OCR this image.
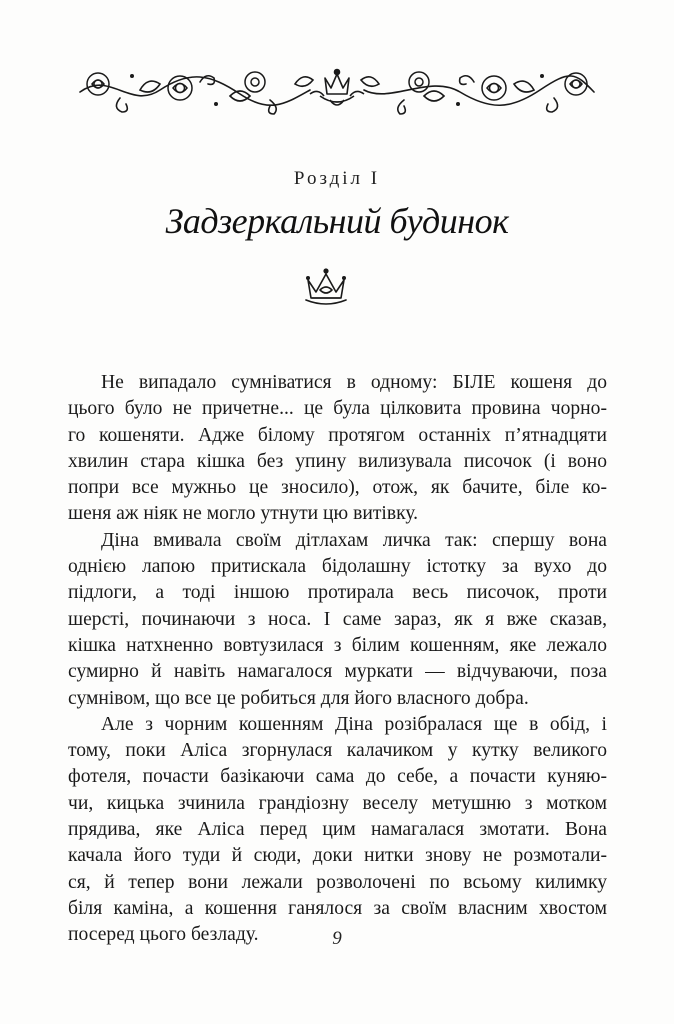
Розділ I
Задзеркальний будинок
Не випадало сумніватися в одному: БІЛЕ кошеня до
цього було не причетне... це була цілковита провина чорно-
го кошеняти. Адже білому протягом останніх п’ятнадцяти
хвилин стара кішка без упину вилизувала писочок (і воно
попри все мужньо це зносило), отож, як бачите, біле ко-
шеня аж ніяк не могло утнути цю витівку.
Діна вмивала своїм дітлахам личка так: спершу вона
однією лапою притискала бідолашну істотку за вухо до
підлоги, а тоді іншою протирала весь писочок, проти
шерсті, починаючи з носа. І саме зараз, як я вже сказав,
кішка натхненно вовтузилася з білим кошенням, яке лежало
сумирно й навіть намагалося муркати — відчуваючи, поза
сумнівом, що все це робиться для його власного добра.
Але з чорним кошенням Діна розібралася ще в обід, і
тому, поки Аліса згорнулася калачиком у кутку великого
фотеля, почасти базікаючи сама до себе, а почасти куняю-
чи, кицька зчинила грандіозну веселу метушню з мотком
прядива, яке Аліса перед цим намагалася змотати. Вона
качала його туди й сюди, доки нитки знову не розмотали-
ся, й тепер вони лежали розволочені по всьому килимку
біля каміна, а кошення ганялося за своїм власним хвостом
посеред цього безладу.	9
